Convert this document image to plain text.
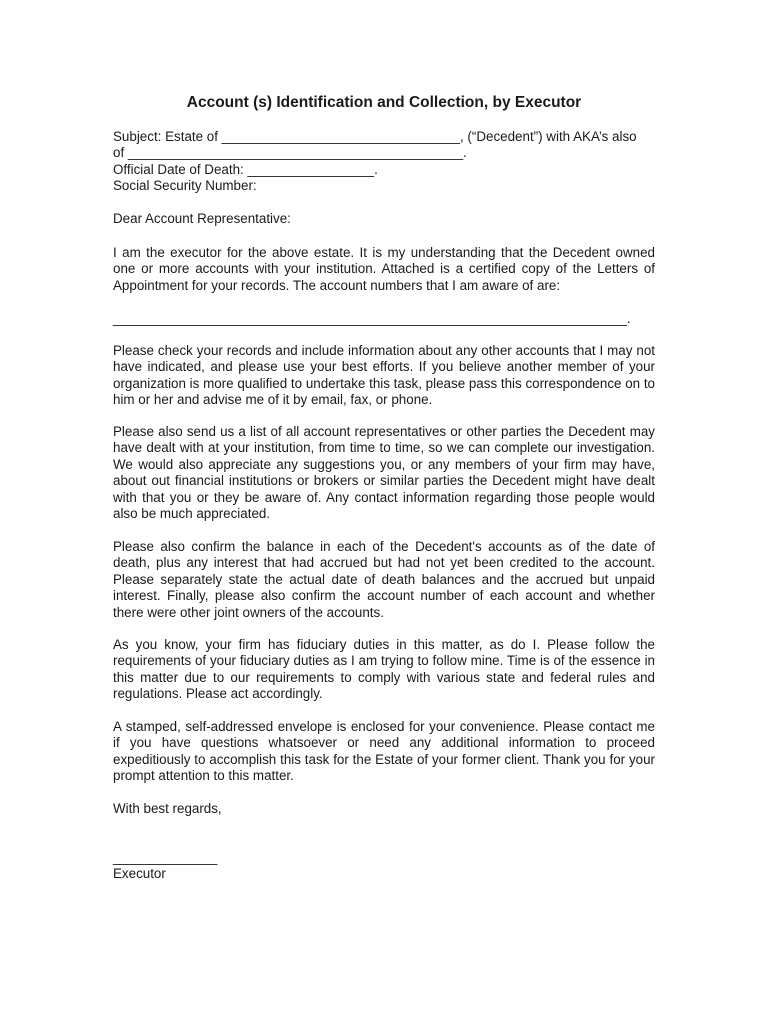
Account (s) Identification and Collection, by Executor

Subject: Estate of ________________________________, (“Decedent”) with AKA’s also

of _____________________________________________.

Official Date of Death: _________________.

Social Security Number:

Dear Account Representative:

I am the executor for the above estate. It is my understanding that the Decedent owned one or more accounts with your institution. Attached is a certified copy of the Letters of Appointment for your records. The account numbers that I am aware of are:

_____________________________________________________________________.

Please check your records and include information about any other accounts that I may not have indicated, and please use your best efforts. If you believe another member of your organization is more qualified to undertake this task, please pass this correspondence on to him or her and advise me of it by email, fax, or phone.

Please also send us a list of all account representatives or other parties the Decedent may have dealt with at your institution, from time to time, so we can complete our investigation. We would also appreciate any suggestions you, or any members of your firm may have, about out financial institutions or brokers or similar parties the Decedent might have dealt with that you or they be aware of. Any contact information regarding those people would also be much appreciated.

Please also confirm the balance in each of the Decedent's accounts as of the date of death, plus any interest that had accrued but had not yet been credited to the account. Please separately state the actual date of death balances and the accrued but unpaid interest. Finally, please also confirm the account number of each account and whether there were other joint owners of the accounts.

As you know, your firm has fiduciary duties in this matter, as do I. Please follow the requirements of your fiduciary duties as I am trying to follow mine. Time is of the essence in this matter due to our requirements to comply with various state and federal rules and regulations. Please act accordingly.

A stamped, self-addressed envelope is enclosed for your convenience. Please contact me if you have questions whatsoever or need any additional information to proceed expeditiously to accomplish this task for the Estate of your former client. Thank you for your prompt attention to this matter.

With best regards,

______________

Executor
